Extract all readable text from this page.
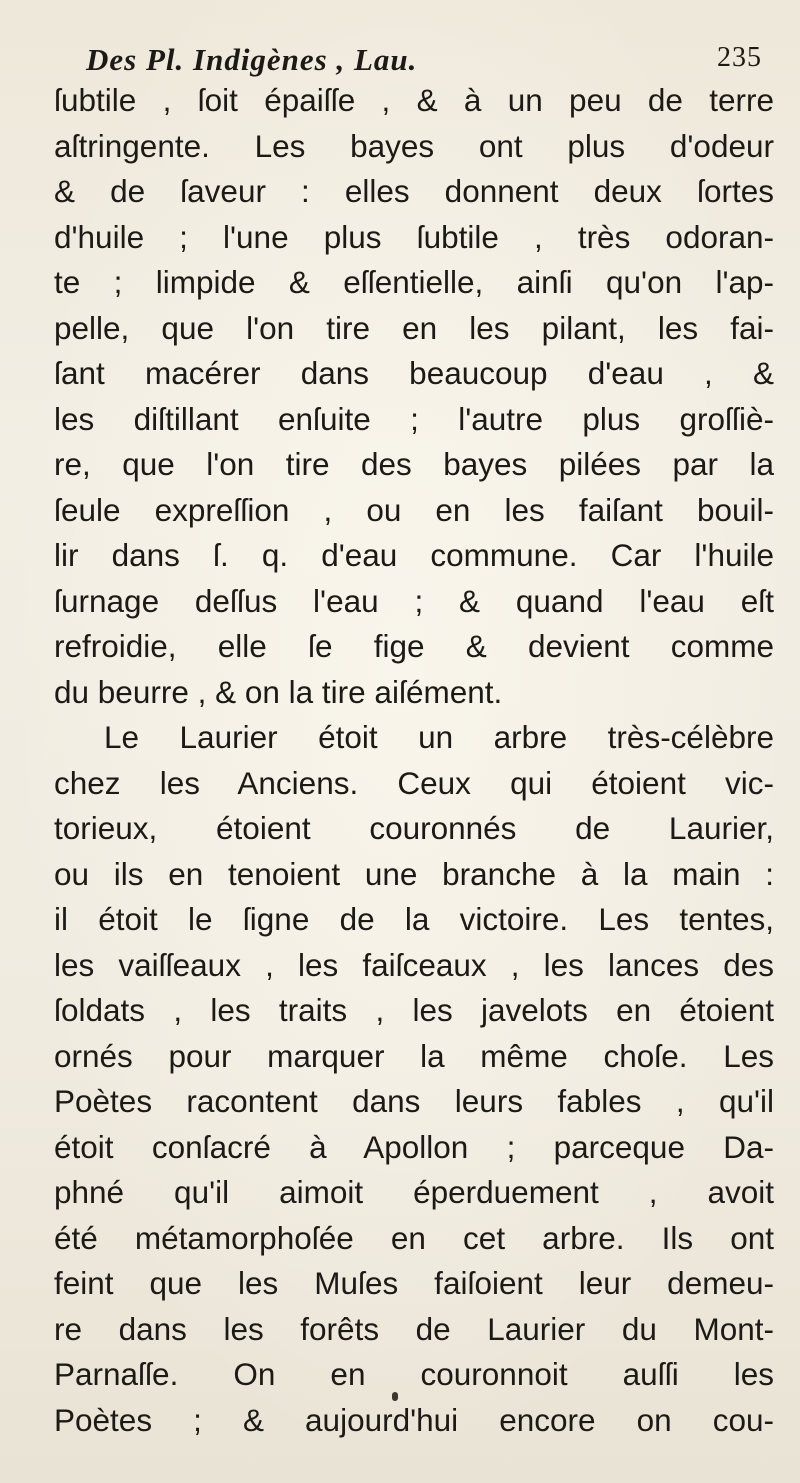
Des Pl. Indigènes , Lau.	235
ſubtile , ſoit épaiſſe , & à un peu de terre
aſtringente. Les bayes ont plus d'odeur
& de ſaveur : elles donnent deux ſortes
d'huile ; l'une plus ſubtile , très odoran-
te ; limpide & eſſentielle, ainſi qu'on l'ap-
pelle, que l'on tire en les pilant, les fai-
ſant macérer dans beaucoup d'eau , &
les diſtillant enſuite ; l'autre plus groſſiè-
re, que l'on tire des bayes pilées par la
ſeule expreſſion , ou en les faiſant bouil-
lir dans ſ. q. d'eau commune. Car l'huile
ſurnage deſſus l'eau ; & quand l'eau eſt
refroidie, elle ſe fige & devient comme
du beurre , & on la tire aiſément.
Le Laurier étoit un arbre très-célèbre
chez les Anciens. Ceux qui étoient vic-
torieux, étoient couronnés de Laurier,
ou ils en tenoient une branche à la main :
il étoit le ſigne de la victoire. Les tentes,
les vaiſſeaux , les faiſceaux , les lances des
ſoldats , les traits , les javelots en étoient
ornés pour marquer la même choſe. Les
Poètes racontent dans leurs fables , qu'il
étoit conſacré à Apollon ; parceque Da-
phné qu'il aimoit éperduement , avoit
été métamorphoſée en cet arbre. Ils ont
feint que les Muſes faiſoient leur demeu-
re dans les forêts de Laurier du Mont-
Parnaſſe. On en couronnoit auſſi les
Poètes ; & aujourd'hui encore on cou-
